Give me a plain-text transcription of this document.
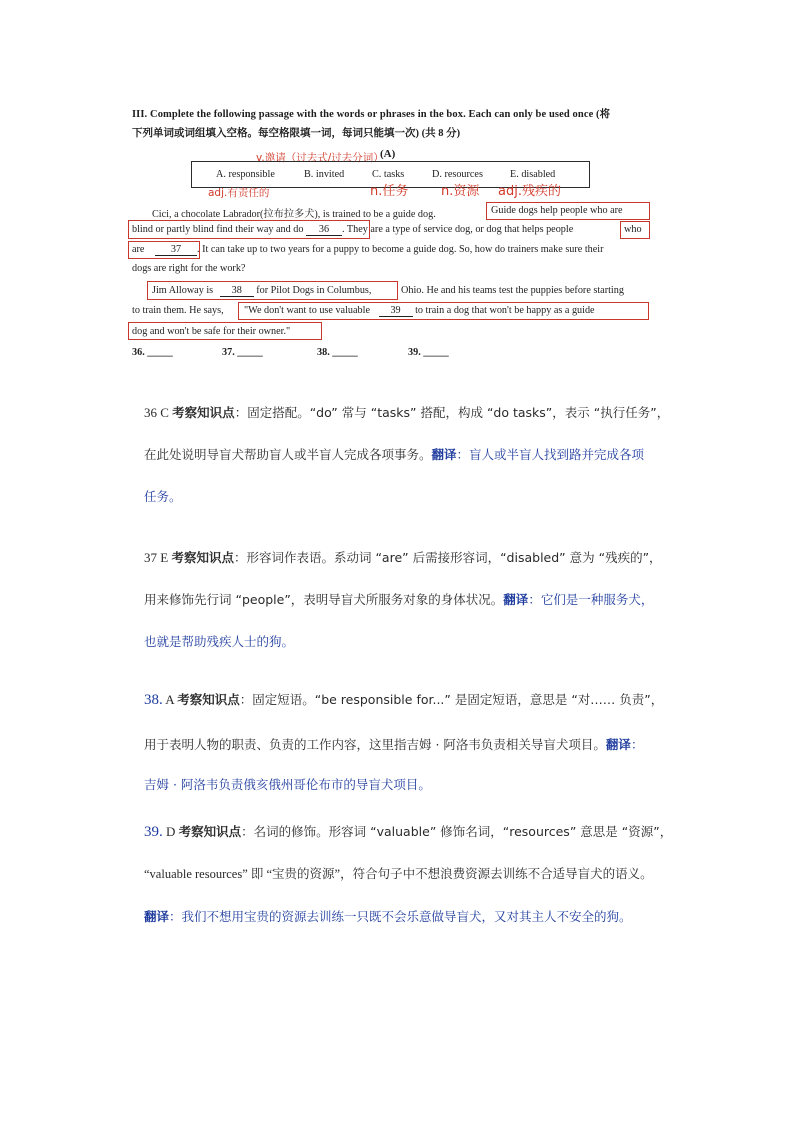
III. Complete the following passage with the words or phrases in the box. Each can only be used once (将
下列单词或词组填入空格。每空格限填一词，每词只能填一次) (共 8 分)
v.邀请（过去式/过去分词）
(A)
A. responsible	B. invited	C. tasks	D. resources	E. disabled
adj.有责任的	n.任务	n.资源 adj.残疾的
Cici, a chocolate Labrador(拉布拉多犬), is trained to be a guide dog.	Guide dogs help people who are
blind or partly blind find their way and do 36 . They are a type of service dog, or dog that helps people	who
are	37 . It can take up to two years for a puppy to become a guide dog. So, how do trainers make sure their
dogs are right for the work?
Jim Alloway is 38 for Pilot Dogs in Columbus,	Ohio. He and his teams test the puppies before starting
to train them. He says, "We don't want to use valuable 39 to train a dog that won't be happy as a guide
dog and won't be safe for their owner."
36. _____	37. _____	38. _____	39. _____
36 C 考察知识点：固定搭配。“do” 常与 “tasks” 搭配，构成 “do tasks”，表示 “执行任务”，
在此处说明导盲犬帮助盲人或半盲人完成各项事务。翻译：盲人或半盲人找到路并完成各项
任务。
37 E 考察知识点：形容词作表语。系动词 “are” 后需接形容词，“disabled” 意为 “残疾的”，
用来修饰先行词 “people”，表明导盲犬所服务对象的身体状况。翻译：它们是一种服务犬，
也就是帮助残疾人士的狗。
38. A 考察知识点：固定短语。“be responsible for...” 是固定短语，意思是 “对…… 负责”，
用于表明人物的职责、负责的工作内容，这里指吉姆 · 阿洛韦负责相关导盲犬项目。翻译：
吉姆 · 阿洛韦负责俄亥俄州哥伦布市的导盲犬项目。
39. D 考察知识点：名词的修饰。形容词 “valuable” 修饰名词，“resources” 意思是 “资源”，
“valuable resources” 即 “宝贵的资源”，符合句子中不想浪费资源去训练不合适导盲犬的语义。
翻译：我们不想用宝贵的资源去训练一只既不会乐意做导盲犬，又对其主人不安全的狗。
